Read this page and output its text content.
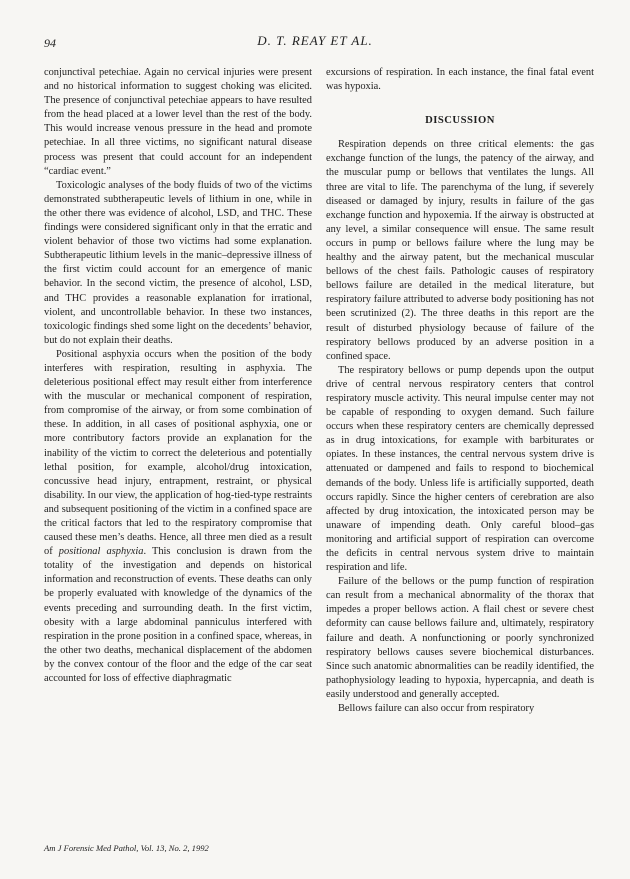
94	D. T. REAY ET AL.

conjunctival petechiae. Again no cervical injuries were present and no historical information to suggest choking was elicited. The presence of conjunctival petechiae appears to have resulted from the head placed at a lower level than the rest of the body. This would increase venous pressure in the head and promote petechiae. In all three victims, no significant natural disease process was present that could account for an independent “cardiac event.”

Toxicologic analyses of the body fluids of two of the victims demonstrated subtherapeutic levels of lithium in one, while in the other there was evidence of alcohol, LSD, and THC. These findings were considered significant only in that the erratic and violent behavior of those two victims had some explanation. Subtherapeutic lithium levels in the manic–depressive illness of the first victim could account for an emergence of manic behavior. In the second victim, the presence of alcohol, LSD, and THC provides a reasonable explanation for irrational, violent, and uncontrollable behavior. In these two instances, toxicologic findings shed some light on the decedents’ behavior, but do not explain their deaths.

Positional asphyxia occurs when the position of the body interferes with respiration, resulting in asphyxia. The deleterious positional effect may result either from interference with the muscular or mechanical component of respiration, from compromise of the airway, or from some combination of these. In addition, in all cases of positional asphyxia, one or more contributory factors provide an explanation for the inability of the victim to correct the deleterious and potentially lethal position, for example, alcohol/drug intoxication, concussive head injury, entrapment, restraint, or physical disability. In our view, the application of hog-tied-type restraints and subsequent positioning of the victim in a confined space are the critical factors that led to the respiratory compromise that caused these men’s deaths. Hence, all three men died as a result of positional asphyxia. This conclusion is drawn from the totality of the investigation and depends on historical information and reconstruction of events. These deaths can only be properly evaluated with knowledge of the dynamics of the events preceding and surrounding death. In the first victim, obesity with a large abdominal panniculus interfered with respiration in the prone position in a confined space, whereas, in the other two deaths, mechanical displacement of the abdomen by the convex contour of the floor and the edge of the car seat accounted for loss of effective diaphragmatic

excursions of respiration. In each instance, the final fatal event was hypoxia.

DISCUSSION

Respiration depends on three critical elements: the gas exchange function of the lungs, the patency of the airway, and the muscular pump or bellows that ventilates the lungs. All three are vital to life. The parenchyma of the lung, if severely diseased or damaged by injury, results in failure of the gas exchange function and hypoxemia. If the airway is obstructed at any level, a similar consequence will ensue. The same result occurs in pump or bellows failure where the lung may be healthy and the airway patent, but the mechanical muscular bellows of the chest fails. Pathologic causes of respiratory bellows failure are detailed in the medical literature, but respiratory failure attributed to adverse body positioning has not been scrutinized (2). The three deaths in this report are the result of disturbed physiology because of failure of the respiratory bellows produced by an adverse position in a confined space.

The respiratory bellows or pump depends upon the output drive of central nervous respiratory centers that control respiratory muscle activity. This neural impulse center may not be capable of responding to oxygen demand. Such failure occurs when these respiratory centers are chemically depressed as in drug intoxications, for example with barbiturates or opiates. In these instances, the central nervous system drive is attenuated or dampened and fails to respond to biochemical demands of the body. Unless life is artificially supported, death occurs rapidly. Since the higher centers of cerebration are also affected by drug intoxication, the intoxicated person may be unaware of impending death. Only careful blood–gas monitoring and artificial support of respiration can overcome the deficits in central nervous system drive to maintain respiration and life.

Failure of the bellows or the pump function of respiration can result from a mechanical abnormality of the thorax that impedes a proper bellows action. A flail chest or severe chest deformity can cause bellows failure and, ultimately, respiratory failure and death. A nonfunctioning or poorly synchronized respiratory bellows causes severe biochemical disturbances. Since such anatomic abnormalities can be readily identified, the pathophysiology leading to hypoxia, hypercapnia, and death is easily understood and generally accepted.

Bellows failure can also occur from respiratory

Am J Forensic Med Pathol, Vol. 13, No. 2, 1992
